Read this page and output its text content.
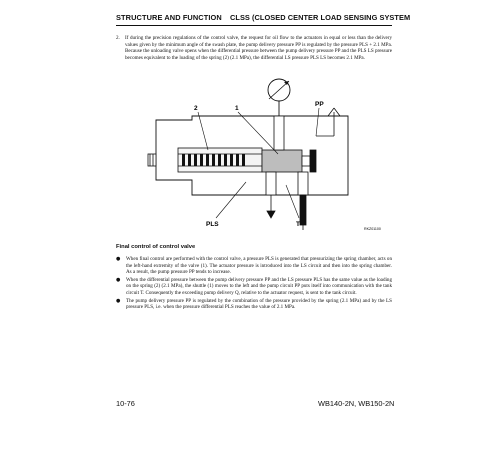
STRUCTURE AND FUNCTION CLSS (CLOSED CENTER LOAD SENSING SYSTEM
2. If during the precision regulations of the control valve, the request for oil flow to the actuators in equal or less than the delivery values given by the minimum angle of the swash plate, the pump delivery pressure PP is regulated by the pressure PLS + 2.1 MPa. Because the unloading valve opens when the differential pressure between the pump delivery pressure PP and the PLS LS pressure becomes equivalent to the loading of the spring (2) (2.1 MPa), the differential LS pressure PLS LS becomes 2.1 MPa.
2	1
PP
PLS	T
RKZ01100
Final control of control valve
● When final control are performed with the control valve, a pressure PLS is generated that pressurizing the spring chamber, acts on the left-hand extremity of the valve (1). The actuator pressure is introduced into the LS circuit and then into the spring chamber. As a result, the pump pressure PP tends to increase.
● When the differential pressure between the pump delivery pressure PP and the LS pressure PLS has the same value as the loading on the spring (2) (2.1 MPa), the shuttle (1) moves to the left and the pump circuit PP puts itself into communication with the tank circuit T. Consequently the exceeding pump delivery Q, relative to the actuator request, is sent to the tank circuit.
● The pump delivery pressure PP is regulated by the combination of the pressure provided by the spring (2.1 MPa) and by the LS pressure PLS, i.e. when the pressure differential PLS reaches the value of 2.1 MPa.
10-76	WB140-2N, WB150-2N
